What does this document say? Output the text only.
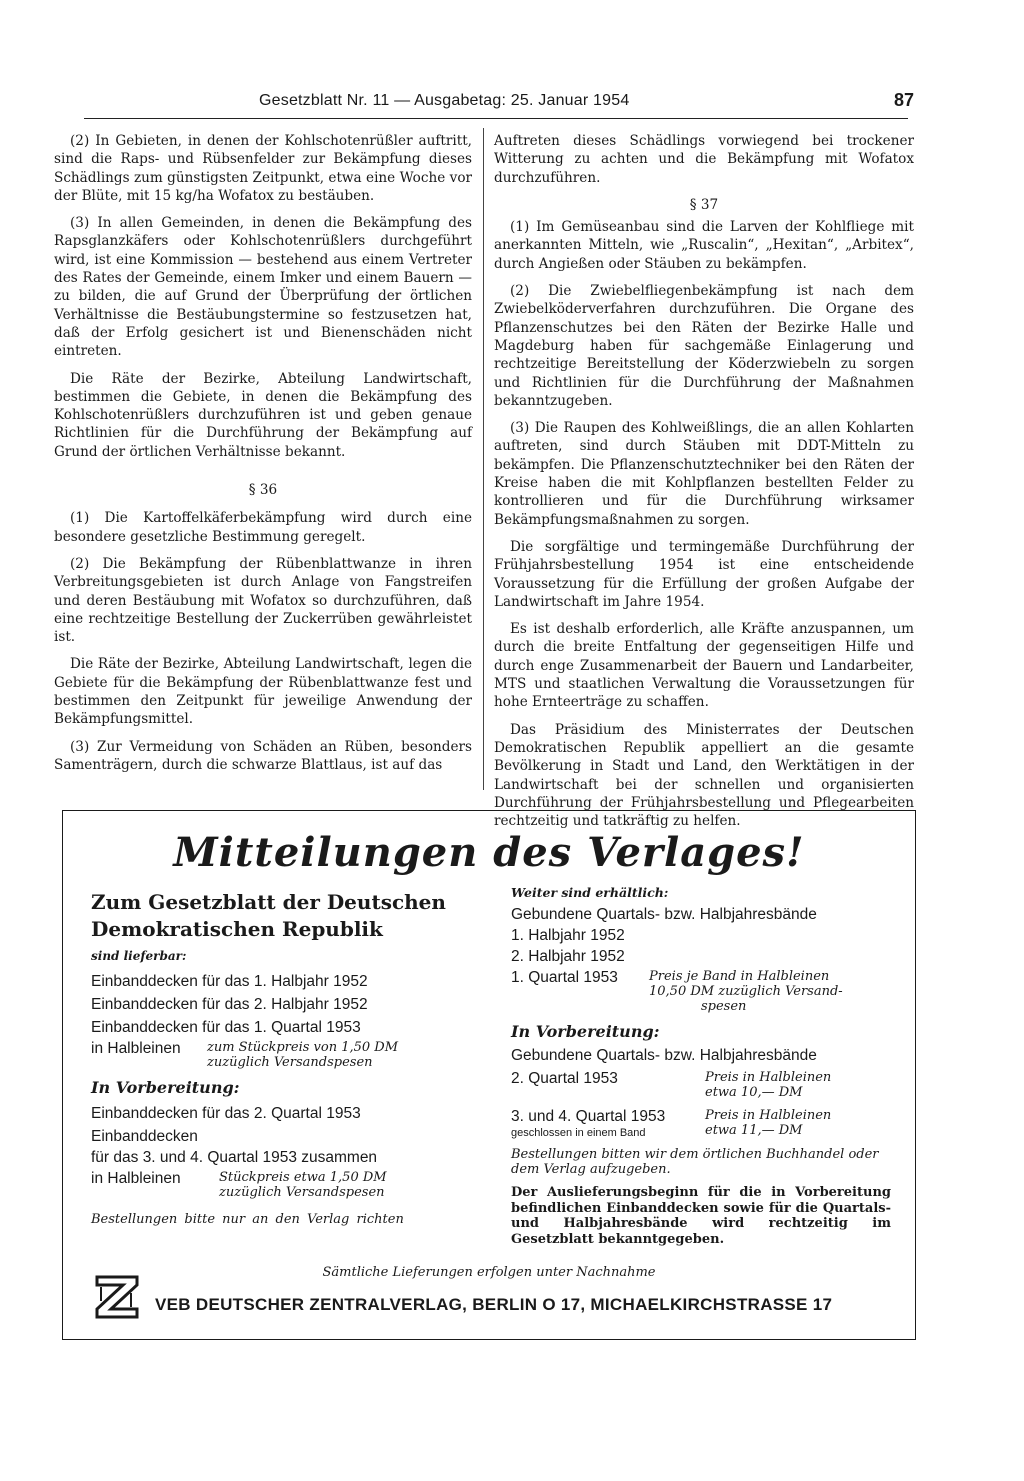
Gesetzblatt Nr. 11 — Ausgabetag: 25. Januar 1954	87

(2) In Gebieten, in denen der Kohlschotenrüßler auftritt, sind die Raps- und Rübsenfelder zur Bekämpfung dieses Schädlings zum günstigsten Zeitpunkt, etwa eine Woche vor der Blüte, mit 15 kg/ha Wofatox zu bestäuben.

(3) In allen Gemeinden, in denen die Bekämpfung des Rapsglanzkäfers oder Kohlschotenrüßlers durchgeführt wird, ist eine Kommission — bestehend aus einem Vertreter des Rates der Gemeinde, einem Imker und einem Bauern — zu bilden, die auf Grund der Überprüfung der örtlichen Verhältnisse die Bestäubungstermine so festzusetzen hat, daß der Erfolg gesichert ist und Bienenschäden nicht eintreten.

Die Räte der Bezirke, Abteilung Landwirtschaft, bestimmen die Gebiete, in denen die Bekämpfung des Kohlschotenrüßlers durchzuführen ist und geben genaue Richtlinien für die Durchführung der Bekämpfung auf Grund der örtlichen Verhältnisse bekannt.

§ 36

(1) Die Kartoffelkäferbekämpfung wird durch eine besondere gesetzliche Bestimmung geregelt.

(2) Die Bekämpfung der Rübenblattwanze in ihren Verbreitungsgebieten ist durch Anlage von Fangstreifen und deren Bestäubung mit Wofatox so durchzuführen, daß eine rechtzeitige Bestellung der Zuckerrüben gewährleistet ist.

Die Räte der Bezirke, Abteilung Landwirtschaft, legen die Gebiete für die Bekämpfung der Rübenblattwanze fest und bestimmen den Zeitpunkt für jeweilige Anwendung der Bekämpfungsmittel.

(3) Zur Vermeidung von Schäden an Rüben, besonders Samenträgern, durch die schwarze Blattlaus, ist auf das

Auftreten dieses Schädlings vorwiegend bei trockener Witterung zu achten und die Bekämpfung mit Wofatox durchzuführen.

§ 37

(1) Im Gemüseanbau sind die Larven der Kohlfliege mit anerkannten Mitteln, wie „Ruscalin“, „Hexitan“, „Arbitex“, durch Angießen oder Stäuben zu bekämpfen.

(2) Die Zwiebelfliegenbekämpfung ist nach dem Zwiebelköderverfahren durchzuführen. Die Organe des Pflanzenschutzes bei den Räten der Bezirke Halle und Magdeburg haben für sachgemäße Einlagerung und rechtzeitige Bereitstellung der Köderzwiebeln zu sorgen und Richtlinien für die Durchführung der Maßnahmen bekanntzugeben.

(3) Die Raupen des Kohlweißlings, die an allen Kohlarten auftreten, sind durch Stäuben mit DDT-Mitteln zu bekämpfen. Die Pflanzenschutztechniker bei den Räten der Kreise haben die mit Kohlpflanzen bestellten Felder zu kontrollieren und für die Durchführung wirksamer Bekämpfungsmaßnahmen zu sorgen.

Die sorgfältige und termingemäße Durchführung der Frühjahrsbestellung 1954 ist eine entscheidende Voraussetzung für die Erfüllung der großen Aufgabe der Landwirtschaft im Jahre 1954.

Es ist deshalb erforderlich, alle Kräfte anzuspannen, um durch die breite Entfaltung der gegenseitigen Hilfe und durch enge Zusammenarbeit der Bauern und Landarbeiter, MTS und staatlichen Verwaltung die Voraussetzungen für hohe Ernteerträge zu schaffen.

Das Präsidium des Ministerrates der Deutschen Demokratischen Republik appelliert an die gesamte Bevölkerung in Stadt und Land, den Werktätigen in der Landwirtschaft bei der schnellen und organisierten Durchführung der Frühjahrsbestellung und Pflegearbeiten rechtzeitig und tatkräftig zu helfen.

Mitteilungen des Verlages!

Zum Gesetzblatt der Deutschen

Demokratischen Republik

sind lieferbar:

Einbanddecken für das 1. Halbjahr 1952

Einbanddecken für das 2. Halbjahr 1952

Einbanddecken für das 1. Quartal 1953

in Halbleinen	zum Stückpreis von 1,50 DM

zuzüglich Versandspesen

In Vorbereitung:

Einbanddecken für das 2. Quartal 1953

Einbanddecken

für das 3. und 4. Quartal 1953 zusammen

in Halbleinen	Stückpreis etwa 1,50 DM

zuzüglich Versandspesen

Bestellungen bitte nur an den Verlag richten

Weiter sind erhältlich:

Gebundene Quartals- bzw. Halbjahresbände

1. Halbjahr 1952

2. Halbjahr 1952

1. Quartal 1953	Preis je Band in Halbleinen

10,50 DM zuzüglich Versand-

spesen

In Vorbereitung:

Gebundene Quartals- bzw. Halbjahresbände

2. Quartal 1953	Preis in Halbleinen

etwa 10,— DM

3. und 4. Quartal 1953

geschlossen in einem Band

Preis in Halbleinen

etwa 11,— DM

Bestellungen bitten wir dem örtlichen Buchhandel oder dem Verlag aufzugeben.

Der Auslieferungsbeginn für die in Vorbereitung befindlichen Einbanddecken sowie für die Quartals- und Halbjahresbände wird rechtzeitig im Gesetzblatt bekanntgegeben.

Sämtliche Lieferungen erfolgen unter Nachnahme
VEB DEUTSCHER ZENTRALVERLAG, BERLIN O 17, MICHAELKIRCHSTRASSE 17
